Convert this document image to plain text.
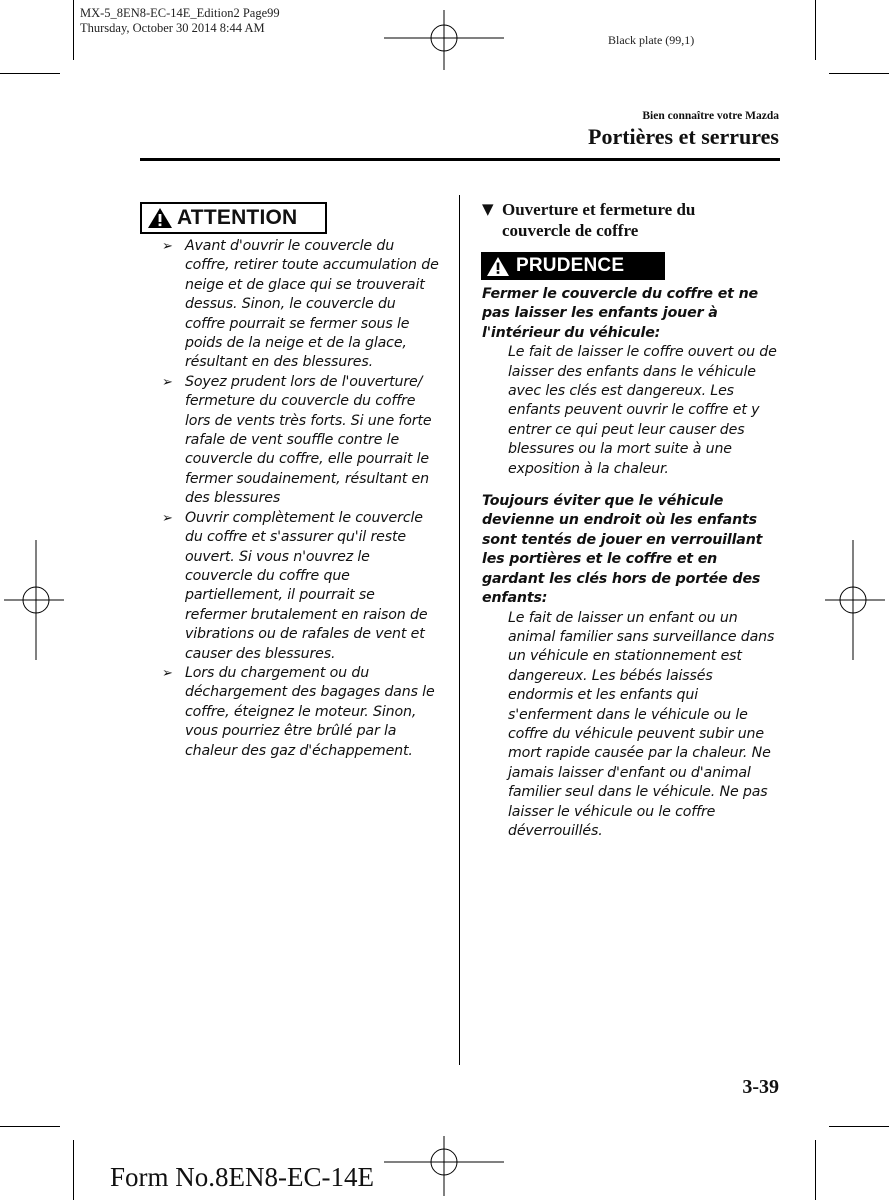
MX-5_8EN8-EC-14E_Edition2 Page99
Thursday, October 30 2014 8:44 AM
Black plate (99,1)
Bien connaître votre Mazda
Portières et serrures
ATTENTION
➢ Avant d'ouvrir le couvercle du coffre, retirer toute accumulation de neige et de glace qui se trouverait dessus. Sinon, le couvercle du coffre pourrait se fermer sous le poids de la neige et de la glace, résultant en des blessures.
➢ Soyez prudent lors de l'ouverture/ fermeture du couvercle du coffre lors de vents très forts. Si une forte rafale de vent souffle contre le couvercle du coffre, elle pourrait le fermer soudainement, résultant en des blessures
➢ Ouvrir complètement le couvercle du coffre et s'assurer qu'il reste ouvert. Si vous n'ouvrez le couvercle du coffre que partiellement, il pourrait se refermer brutalement en raison de vibrations ou de rafales de vent et causer des blessures.
➢ Lors du chargement ou du déchargement des bagages dans le coffre, éteignez le moteur. Sinon, vous pourriez être brûlé par la chaleur des gaz d'échappement.
▼ Ouverture et fermeture du couvercle de coffre
PRUDENCE
Fermer le couvercle du coffre et ne pas laisser les enfants jouer à l'intérieur du véhicule:
Le fait de laisser le coffre ouvert ou de laisser des enfants dans le véhicule avec les clés est dangereux. Les enfants peuvent ouvrir le coffre et y entrer ce qui peut leur causer des blessures ou la mort suite à une exposition à la chaleur.
Toujours éviter que le véhicule devienne un endroit où les enfants sont tentés de jouer en verrouillant les portières et le coffre et en gardant les clés hors de portée des enfants:
Le fait de laisser un enfant ou un animal familier sans surveillance dans un véhicule en stationnement est dangereux. Les bébés laissés endormis et les enfants qui s'enferment dans le véhicule ou le coffre du véhicule peuvent subir une mort rapide causée par la chaleur. Ne jamais laisser d'enfant ou d'animal familier seul dans le véhicule. Ne pas laisser le véhicule ou le coffre déverrouillés.
3-39
Form No.8EN8-EC-14E
